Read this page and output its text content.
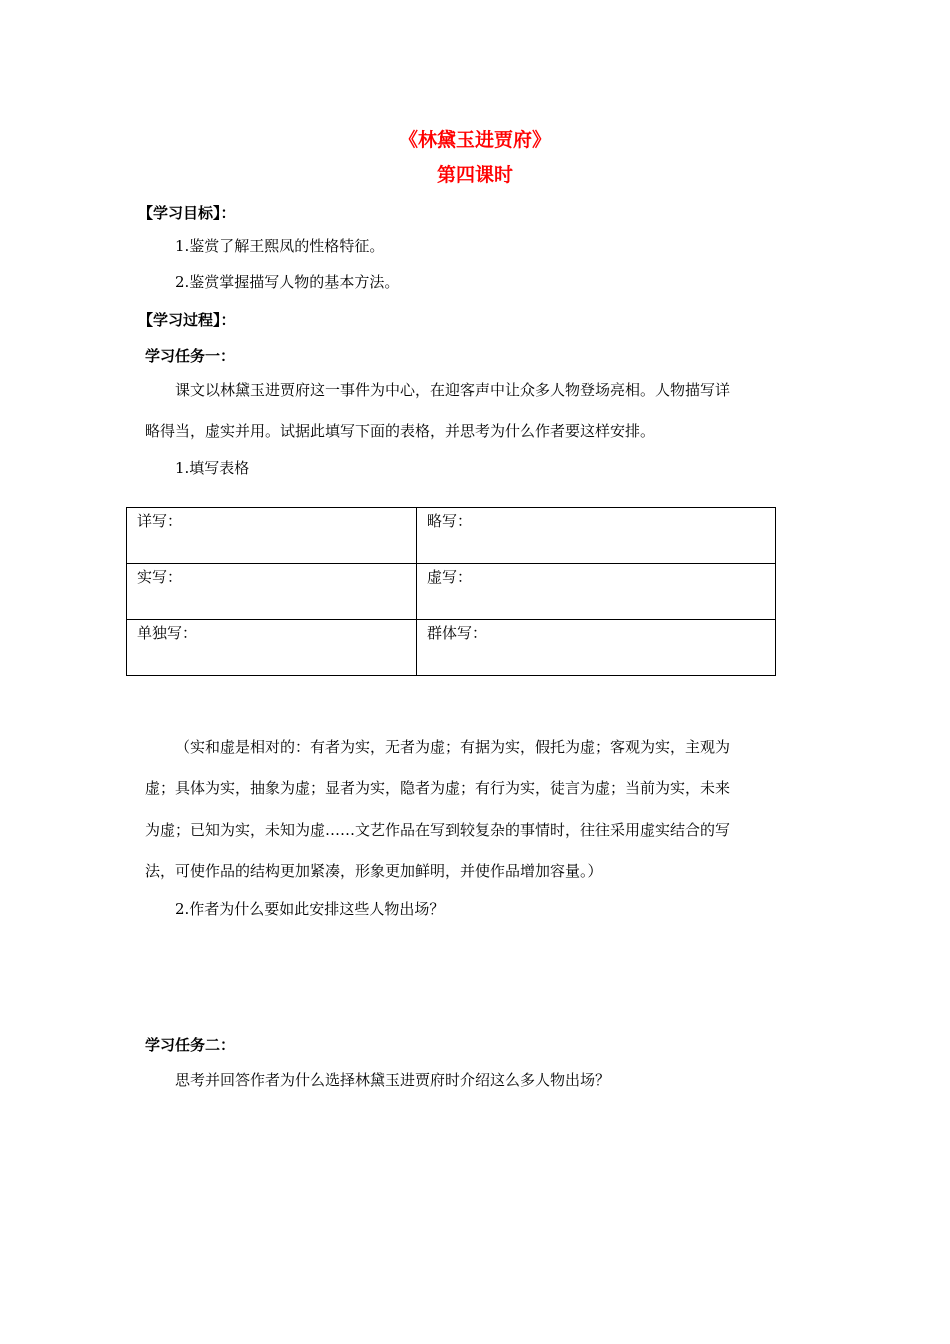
《林黛玉进贾府》
第四课时
【学习目标】：
1.鉴赏了解王熙凤的性格特征。
2.鉴赏掌握描写人物的基本方法。
【学习过程】：
学习任务一：
课文以林黛玉进贾府这一事件为中心，在迎客声中让众多人物登场亮相。人物描写详
略得当，虚实并用。试据此填写下面的表格，并思考为什么作者要这样安排。
1.填写表格
详写：	略写：
实写：	虚写：
单独写：	群体写：
（实和虚是相对的：有者为实，无者为虚；有据为实，假托为虚；客观为实，主观为
虚；具体为实，抽象为虚；显者为实，隐者为虚；有行为实，徒言为虚；当前为实，未来
为虚；已知为实，未知为虚……文艺作品在写到较复杂的事情时，往往采用虚实结合的写
法，可使作品的结构更加紧凑，形象更加鲜明，并使作品增加容量。）
2.作者为什么要如此安排这些人物出场？
学习任务二：
思考并回答作者为什么选择林黛玉进贾府时介绍这么多人物出场？
